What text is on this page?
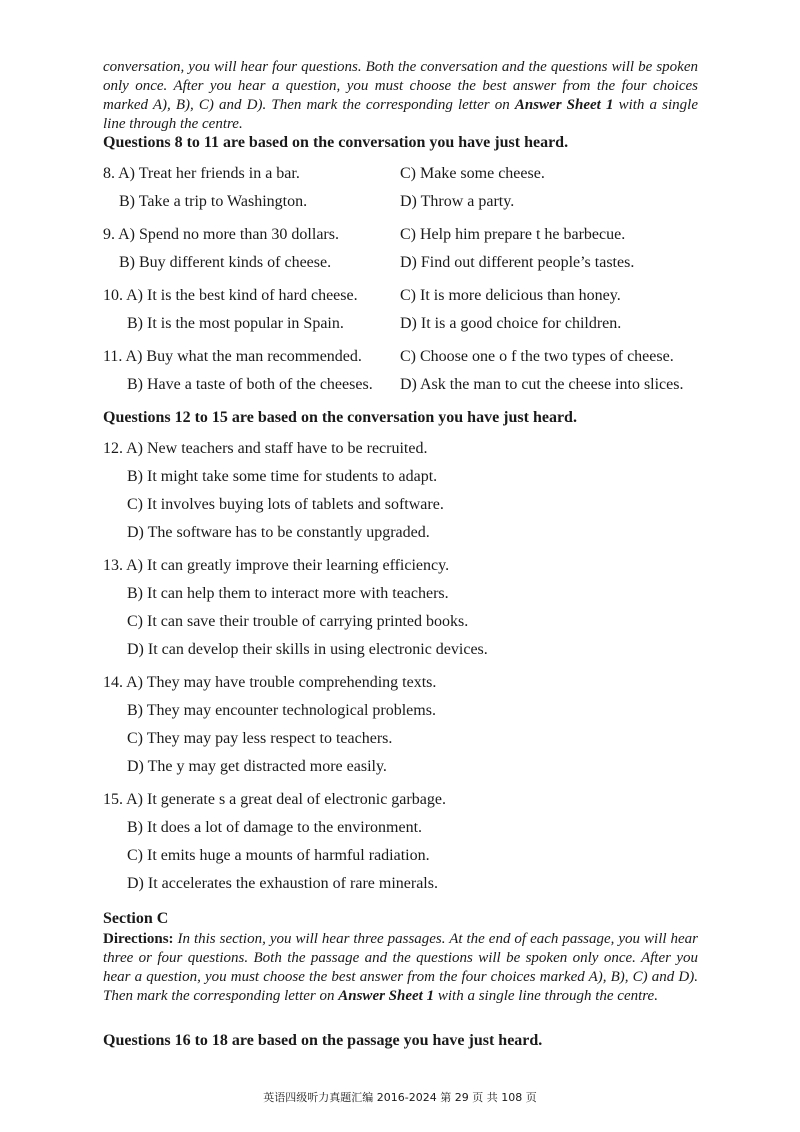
conversation, you will hear four questions. Both the conversation and the questions will be spoken only once. After you hear a question, you must choose the best answer from the four choices marked A), B), C) and D). Then mark the corresponding letter on Answer Sheet 1 with a single line through the centre.
Questions 8 to 11 are based on the conversation you have just heard.
8. A) Treat her friends in a bar.	C) Make some cheese.
B) Take a trip to Washington.	D) Throw a party.
9. A) Spend no more than 30 dollars.	C) Help him prepare t he barbecue.
B) Buy different kinds of cheese.	D) Find out different people’s tastes.
10. A) It is the best kind of hard cheese.	C) It is more delicious than honey.
B) It is the most popular in Spain.	D) It is a good choice for children.
11. A) Buy what the man recommended. C) Choose one o f the two types of cheese.
B) Have a taste of both of the cheeses. D) Ask the man to cut the cheese into slices.
Questions 12 to 15 are based on the conversation you have just heard.
12. A) New teachers and staff have to be recruited.
B) It might take some time for students to adapt.
C) It involves buying lots of tablets and software.
D) The software has to be constantly upgraded.
13. A) It can greatly improve their learning efficiency.
B) It can help them to interact more with teachers.
C) It can save their trouble of carrying printed books.
D) It can develop their skills in using electronic devices.
14. A) They may have trouble comprehending texts.
B) They may encounter technological problems.
C) They may pay less respect to teachers.
D) The y may get distracted more easily.
15. A) It generate s a great deal of electronic garbage.
B) It does a lot of damage to the environment.
C) It emits huge a mounts of harmful radiation.
D) It accelerates the exhaustion of rare minerals.
Section C
Directions: In this section, you will hear three passages. At the end of each passage, you will hear three or four questions. Both the passage and the questions will be spoken only once. After you hear a question, you must choose the best answer from the four choices marked A), B), C) and D). Then mark the corresponding letter on Answer Sheet 1 with a single line through the centre.
Questions 16 to 18 are based on the passage you have just heard.
英语四级听力真题汇编 2016-2024 第 29 页 共 108 页
